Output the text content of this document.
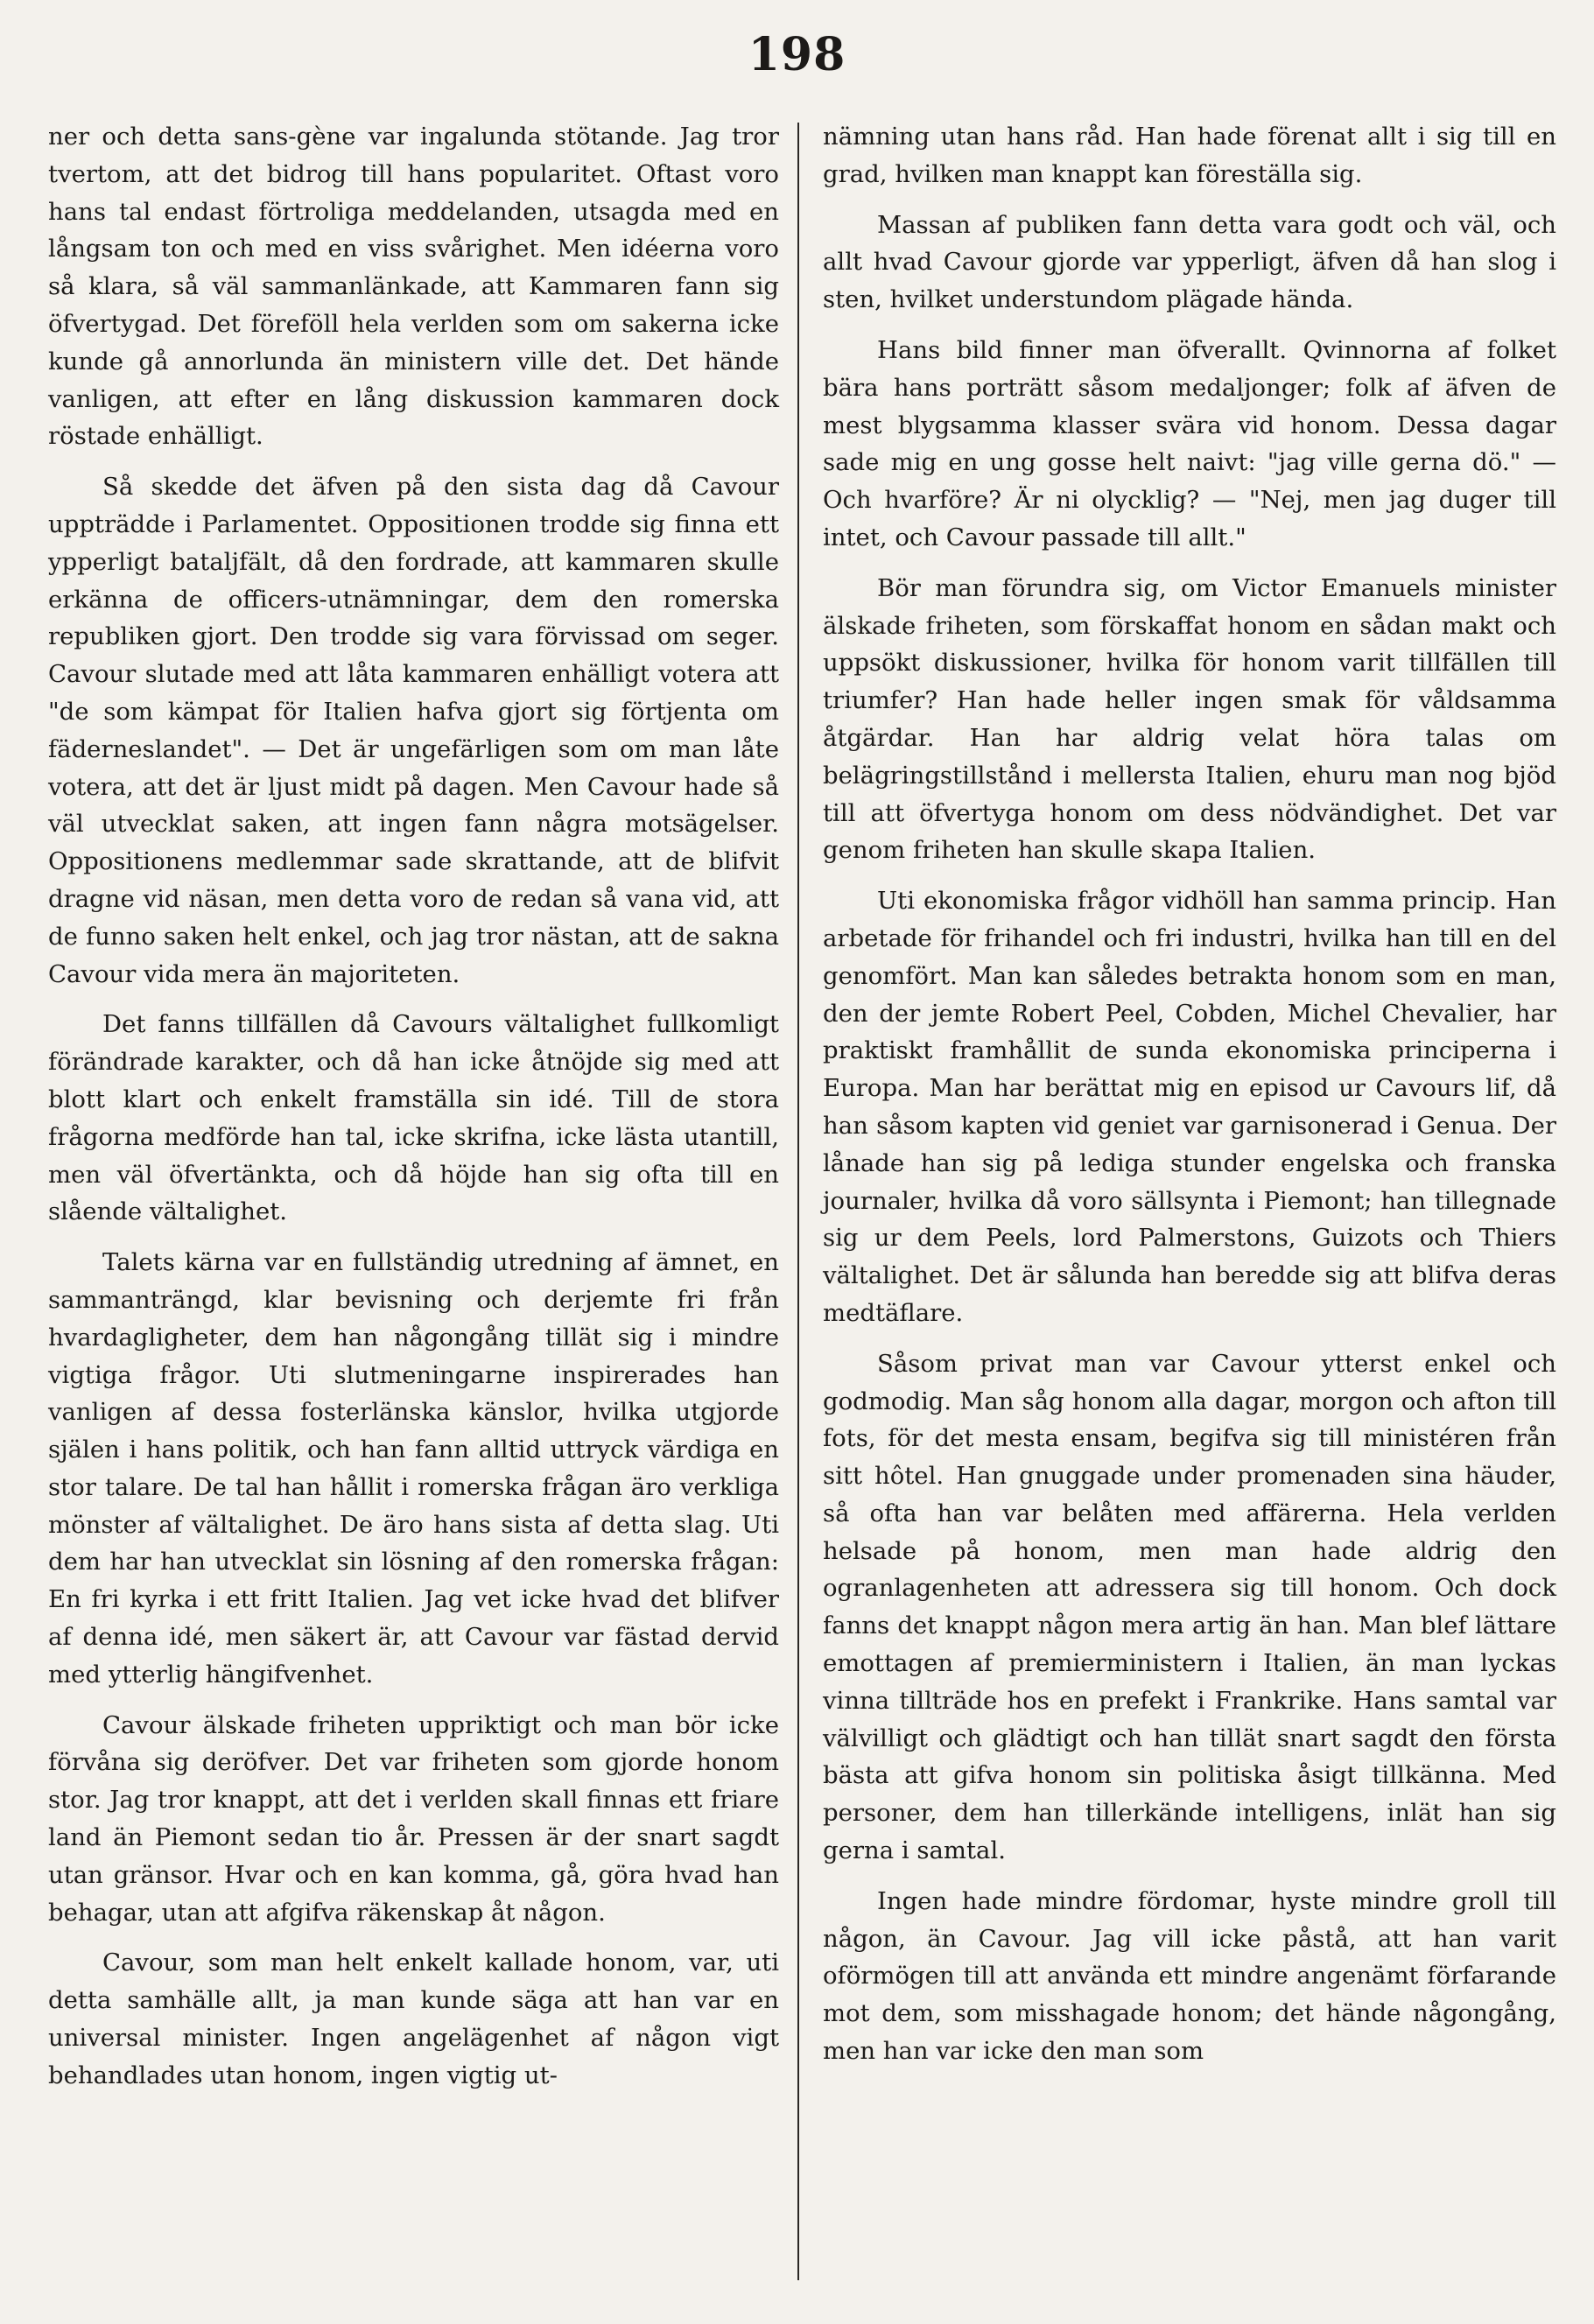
198

ner och detta sans-gène var ingalunda stötande. Jag tror tvertom, att det bidrog till hans popularitet. Oftast voro hans tal endast förtroliga meddelanden, utsagda med en långsam ton och med en viss svårighet. Men idéerna voro så klara, så väl sammanlänkade, att Kammaren fann sig öfvertygad. Det föreföll hela verlden som om sakerna icke kunde gå annorlunda än ministern ville det. Det hände vanligen, att efter en lång diskussion kammaren dock röstade enhälligt.

Så skedde det äfven på den sista dag då Cavour uppträdde i Parlamentet. Oppositionen trodde sig finna ett ypperligt bataljfält, då den fordrade, att kammaren skulle erkänna de officers-utnämningar, dem den romerska republiken gjort. Den trodde sig vara förvissad om seger. Cavour slutade med att låta kammaren enhälligt votera att "de som kämpat för Italien hafva gjort sig förtjenta om fäderneslandet". — Det är ungefärligen som om man låte votera, att det är ljust midt på dagen. Men Cavour hade så väl utvecklat saken, att ingen fann några motsägelser. Oppositionens medlemmar sade skrattande, att de blifvit dragne vid näsan, men detta voro de redan så vana vid, att de funno saken helt enkel, och jag tror nästan, att de sakna Cavour vida mera än majoriteten.

Det fanns tillfällen då Cavours vältalighet fullkomligt förändrade karakter, och då han icke åtnöjde sig med att blott klart och enkelt framställa sin idé. Till de stora frågorna medförde han tal, icke skrifna, icke lästa utantill, men väl öfvertänkta, och då höjde han sig ofta till en slående vältalighet.

Talets kärna var en fullständig utredning af ämnet, en sammanträngd, klar bevisning och derjemte fri från hvardagligheter, dem han någongång tillät sig i mindre vigtiga frågor. Uti slutmeningarne inspirerades han vanligen af dessa fosterlänska känslor, hvilka utgjorde själen i hans politik, och han fann alltid uttryck värdiga en stor talare. De tal han hållit i romerska frågan äro verkliga mönster af vältalighet. De äro hans sista af detta slag. Uti dem har han utvecklat sin lösning af den romerska frågan: En fri kyrka i ett fritt Italien. Jag vet icke hvad det blifver af denna idé, men säkert är, att Cavour var fästad dervid med ytterlig hängifvenhet.

Cavour älskade friheten uppriktigt och man bör icke förvåna sig deröfver. Det var friheten som gjorde honom stor. Jag tror knappt, att det i verlden skall finnas ett friare land än Piemont sedan tio år. Pressen är der snart sagdt utan gränsor. Hvar och en kan komma, gå, göra hvad han behagar, utan att afgifva räkenskap åt någon.

Cavour, som man helt enkelt kallade honom, var, uti detta samhälle allt, ja man kunde säga att han var en universal minister. Ingen angelägenhet af någon vigt behandlades utan honom, ingen vigtig ut-

nämning utan hans råd. Han hade förenat allt i sig till en grad, hvilken man knappt kan föreställa sig.

Massan af publiken fann detta vara godt och väl, och allt hvad Cavour gjorde var ypperligt, äfven då han slog i sten, hvilket understundom plägade hända.

Hans bild finner man öfverallt. Qvinnorna af folket bära hans porträtt såsom medaljonger; folk af äfven de mest blygsamma klasser svära vid honom. Dessa dagar sade mig en ung gosse helt naivt: "jag ville gerna dö." — Och hvarföre? Är ni olycklig? — "Nej, men jag duger till intet, och Cavour passade till allt."

Bör man förundra sig, om Victor Emanuels minister älskade friheten, som förskaffat honom en sådan makt och uppsökt diskussioner, hvilka för honom varit tillfällen till triumfer? Han hade heller ingen smak för våldsamma åtgärdar. Han har aldrig velat höra talas om belägringstillstånd i mellersta Italien, ehuru man nog bjöd till att öfvertyga honom om dess nödvändighet. Det var genom friheten han skulle skapa Italien.

Uti ekonomiska frågor vidhöll han samma princip. Han arbetade för frihandel och fri industri, hvilka han till en del genomfört. Man kan således betrakta honom som en man, den der jemte Robert Peel, Cobden, Michel Chevalier, har praktiskt framhållit de sunda ekonomiska principerna i Europa. Man har berättat mig en episod ur Cavours lif, då han såsom kapten vid geniet var garnisonerad i Genua. Der lånade han sig på lediga stunder engelska och franska journaler, hvilka då voro sällsynta i Piemont; han tillegnade sig ur dem Peels, lord Palmerstons, Guizots och Thiers vältalighet. Det är sålunda han beredde sig att blifva deras medtäflare.

Såsom privat man var Cavour ytterst enkel och godmodig. Man såg honom alla dagar, morgon och afton till fots, för det mesta ensam, begifva sig till ministéren från sitt hôtel. Han gnuggade under promenaden sina häuder, så ofta han var belåten med affärerna. Hela verlden helsade på honom, men man hade aldrig den ogranlagenheten att adressera sig till honom. Och dock fanns det knappt någon mera artig än han. Man blef lättare emottagen af premierministern i Italien, än man lyckas vinna tillträde hos en prefekt i Frankrike. Hans samtal var välvilligt och glädtigt och han tillät snart sagdt den första bästa att gifva honom sin politiska åsigt tillkänna. Med personer, dem han tillerkände intelligens, inlät han sig gerna i samtal.

Ingen hade mindre fördomar, hyste mindre groll till någon, än Cavour. Jag vill icke påstå, att han varit oförmögen till att använda ett mindre angenämt förfarande mot dem, som misshagade honom; det hände någongång, men han var icke den man som
